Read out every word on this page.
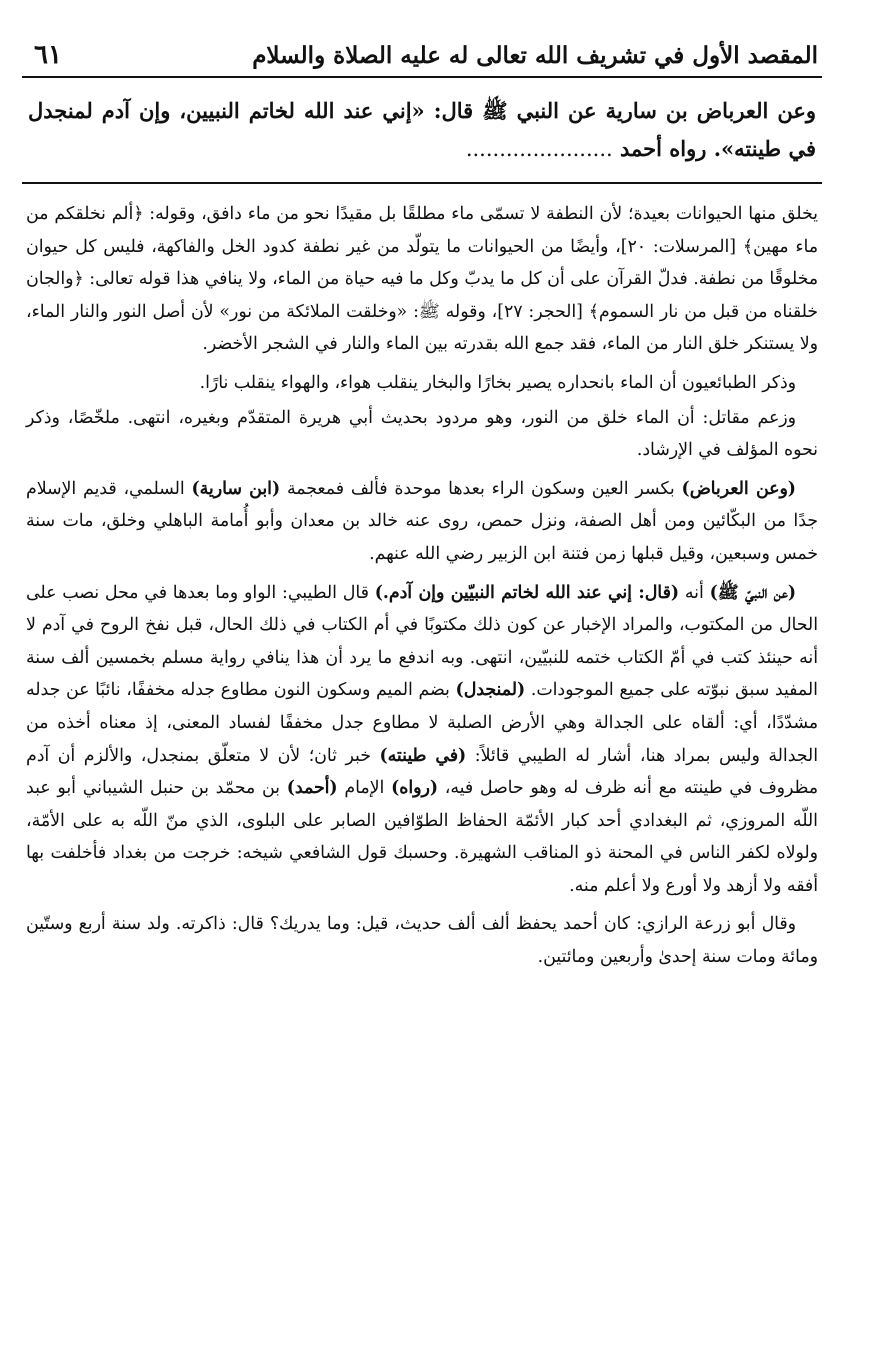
المقصد الأول في تشريف الله تعالى له عليه الصلاة والسلام
٦١
وعن العرباض بن سارية عن النبي ﷺ قال: «إني عند الله لخاتم النبيين، وإن آدم لمنجدل في طينته». رواه أحمد ......................

يخلق منها الحيوانات بعيدة؛ لأن النطفة لا تسمّى ماء مطلقًا بل مقيدًا نحو من ماء دافق، وقوله: ﴿ألم نخلقكم من ماء مهين﴾ [المرسلات: ٢٠]، وأيضًا من الحيوانات ما يتولّد من غير نطفة كدود الخل والفاكهة، فليس كل حيوان مخلوقًا من نطفة. فدلّ القرآن على أن كل ما يدبّ وكل ما فيه حياة من الماء، ولا ينافي هذا قوله تعالى: ﴿والجان خلقناه من قبل من نار السموم﴾ [الحجر: ٢٧]، وقوله ﷺ: «وخلقت الملائكة من نور» لأن أصل النور والنار الماء، ولا يستنكر خلق النار من الماء، فقد جمع الله بقدرته بين الماء والنار في الشجر الأخضر.

وذكر الطبائعيون أن الماء بانحداره يصير بخارًا والبخار ينقلب هواء، والهواء ينقلب نارًا.

وزعم مقاتل: أن الماء خلق من النور، وهو مردود بحديث أبي هريرة المتقدّم وبغيره، انتهى. ملخّصًا، وذكر نحوه المؤلف في الإرشاد.

(وعن العرباض) بكسر العين وسكون الراء بعدها موحدة فألف فمعجمة (ابن سارية) السلمي، قديم الإسلام جدًا من البكّائين ومن أهل الصفة، ونزل حمص، روى عنه خالد بن معدان وأبو أُمامة الباهلي وخلق، مات سنة خمس وسبعين، وقيل قبلها زمن فتنة ابن الزبير رضي الله عنهم.

(عن النبيّ ﷺ) أنه (قال: إني عند الله لخاتم النبيّين وإن آدم.) قال الطيبي: الواو وما بعدها في محل نصب على الحال من المكتوب، والمراد الإخبار عن كون ذلك مكتوبًا في أم الكتاب في ذلك الحال، قبل نفخ الروح في آدم لا أنه حينئذ كتب في أمّ الكتاب ختمه للنبيّين، انتهى. وبه اندفع ما يرد أن هذا ينافي رواية مسلم بخمسين ألف سنة المفيد سبق نبوّته على جميع الموجودات. (لمنجدل) بضم الميم وسكون النون مطاوع جدله مخففًا، نائبًا عن جدله مشدّدًا، أي: ألقاه على الجدالة وهي الأرض الصلبة لا مطاوع جدل مخففًا لفساد المعنى، إذ معناه أخذه من الجدالة وليس بمراد هنا، أشار له الطيبي قائلاً: (في طينته) خبر ثان؛ لأن لا متعلّق بمنجدل، والألزم أن آدم مظروف في طينته مع أنه ظرف له وهو حاصل فيه، (رواه) الإمام (أحمد) بن محمّد بن حنبل الشيباني أبو عبد اللّه المروزي، ثم البغدادي أحد كبار الأئمّة الحفاظ الطوّافين الصابر على البلوى، الذي منّ اللّه به على الأمّة، ولولاه لكفر الناس في المحنة ذو المناقب الشهيرة. وحسبك قول الشافعي شيخه: خرجت من بغداد فأخلفت بها أفقه ولا أزهد ولا أورع ولا أعلم منه.

وقال أبو زرعة الرازي: كان أحمد يحفظ ألف ألف حديث، قيل: وما يدريك؟ قال: ذاكرته. ولد سنة أربع وستّين ومائة ومات سنة إحدىٰ وأربعين ومائتين.
